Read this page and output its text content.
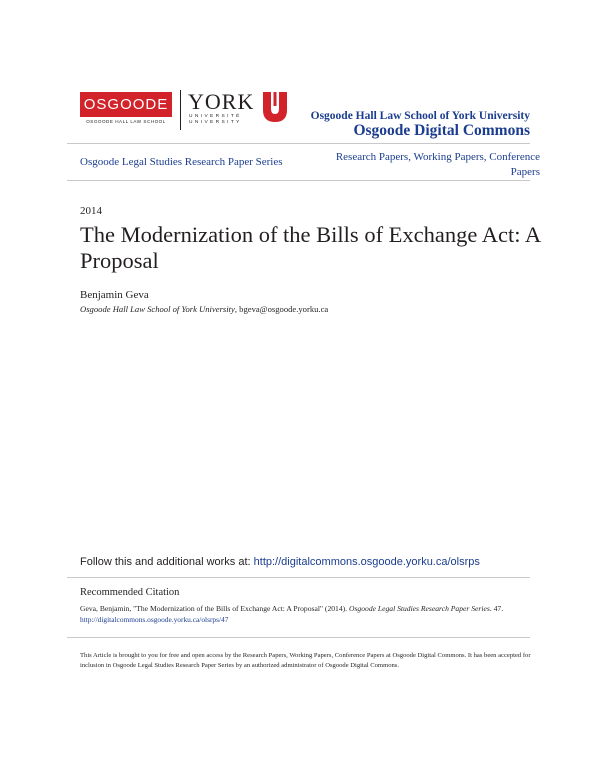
OSGOODE
OSGOODE HALL LAW SCHOOL
YORK
UNIVERSITÉ
UNIVERSITY
Osgoode Hall Law School of York University
Osgoode Digital Commons
Osgoode Legal Studies Research Paper Series	Research Papers, Working Papers, Conference Papers
2014
The Modernization of the Bills of Exchange Act: A Proposal
Benjamin Geva
Osgoode Hall Law School of York University, bgeva@osgoode.yorku.ca
Follow this and additional works at: http://digitalcommons.osgoode.yorku.ca/olsrps
Recommended Citation
Geva, Benjamin, "The Modernization of the Bills of Exchange Act: A Proposal" (2014). Osgoode Legal Studies Research Paper Series. 47.
http://digitalcommons.osgoode.yorku.ca/olsrps/47
This Article is brought to you for free and open access by the Research Papers, Working Papers, Conference Papers at Osgoode Digital Commons. It has been accepted for inclusion in Osgoode Legal Studies Research Paper Series by an authorized administrator of Osgoode Digital Commons.
